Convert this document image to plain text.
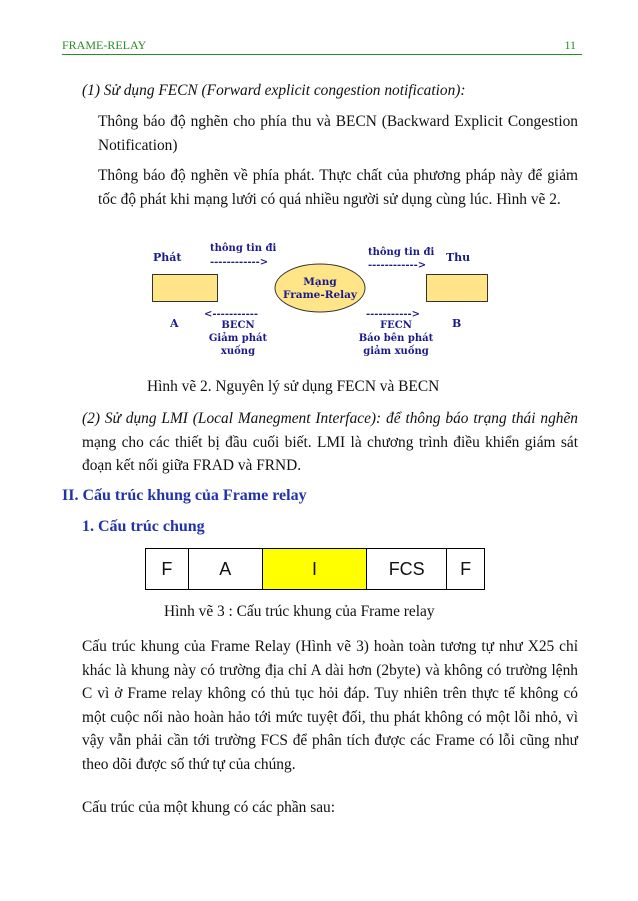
FRAME-RELAY	11
(1) Sử dụng FECN (Forward explicit congestion notification):
Thông báo độ nghẽn cho phía thu và BECN (Backward Explicit Congestion Notification)
Thông báo độ nghẽn về phía phát. Thực chất của phương pháp này để giảm tốc độ phát khi mạng lưới có quá nhiều người sử dụng cùng lúc. Hình vẽ 2.
Phát
thông tin đi
------------>
thông tin đi
------------>
Thu
Mạng
Frame-Relay
A	B
<-----------
BECN
Giảm phát
xuống
----------->
FECN
Báo bên phát
giảm xuống
Hình vẽ 2. Nguyên lý sử dụng FECN và BECN
(2) Sử dụng LMI (Local Manegment Interface): để thông báo trạng thái nghẽn mạng cho các thiết bị đầu cuối biết. LMI là chương trình điều khiển giám sát đoạn kết nối giữa FRAD và FRND.
II. Cấu trúc khung của Frame relay
1. Cấu trúc chung
F	A	I	FCS	F
Hình vẽ 3 : Cấu trúc khung của Frame relay
Cấu trúc khung của Frame Relay (Hình vẽ 3) hoàn toàn tương tự như X25 chỉ khác là khung này có trường địa chỉ A dài hơn (2byte) và không có trường lệnh C vì ở Frame relay không có thủ tục hỏi đáp. Tuy nhiên trên thực tế không có một cuộc nối nào hoàn hảo tới mức tuyệt đối, thu phát không có một lỗi nhỏ, vì vậy vẫn phải cần tới trường FCS để phân tích được các Frame có lỗi cũng như theo dõi được số thứ tự của chúng.
Cấu trúc của một khung có các phần sau:
